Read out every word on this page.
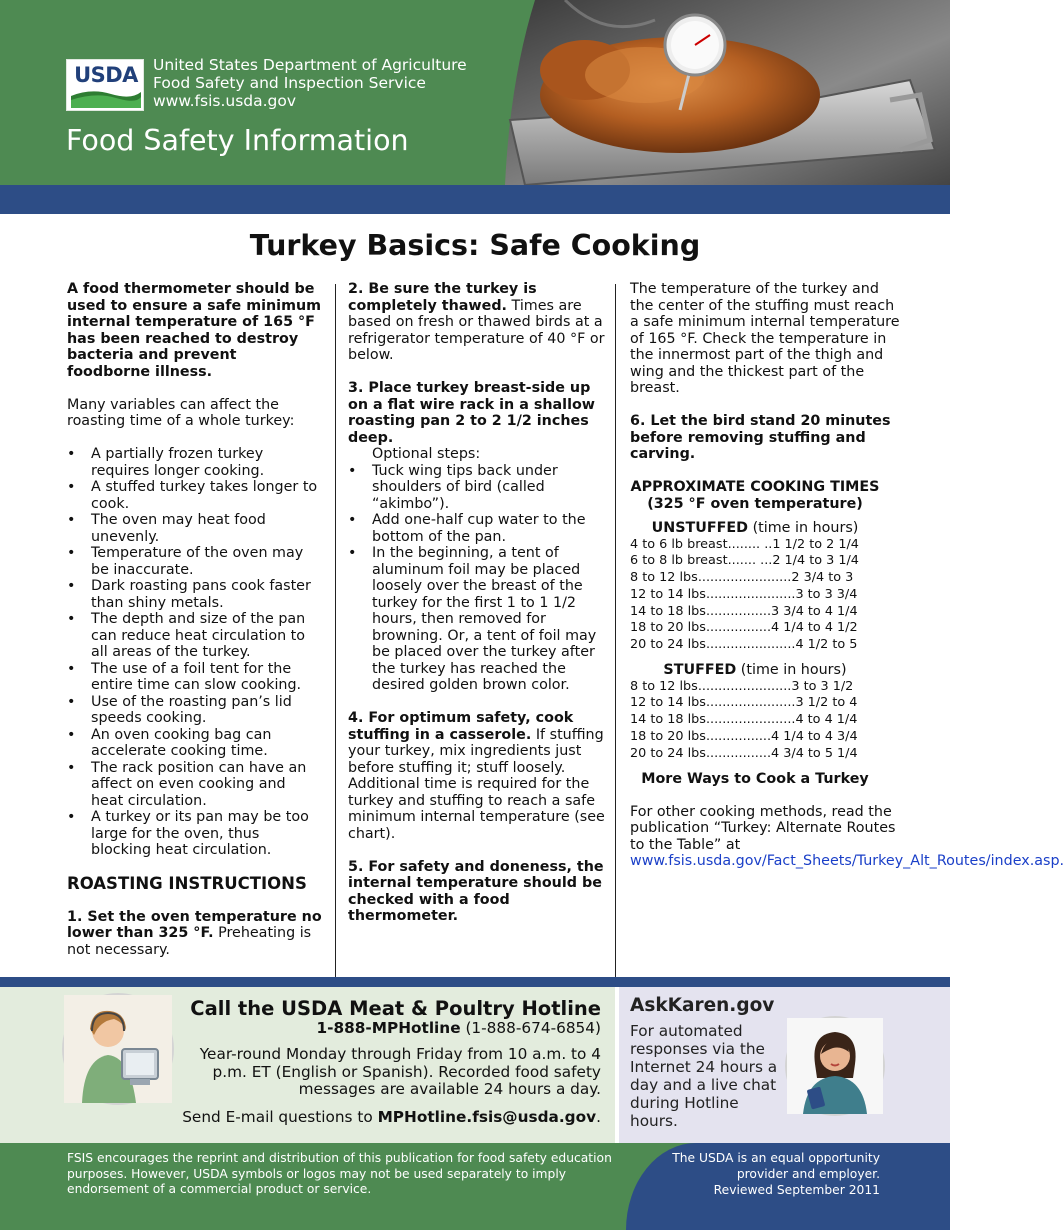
USDA United States Department of Agriculture
Food Safety and Inspection Service
www.fsis.usda.gov
Food Safety Information
Turkey Basics: Safe Cooking
A food thermometer should be used to ensure a safe minimum internal temperature of 165 °F has been reached to destroy bacteria and prevent foodborne illness.
Many variables can affect the roasting time of a whole turkey:
• A partially frozen turkey requires longer cooking.
• A stuffed turkey takes longer to cook.
• The oven may heat food unevenly.
• Temperature of the oven may be inaccurate.
• Dark roasting pans cook faster than shiny metals.
• The depth and size of the pan can reduce heat circulation to all areas of the turkey.
• The use of a foil tent for the entire time can slow cooking.
• Use of the roasting pan’s lid speeds cooking.
• An oven cooking bag can accelerate cooking time.
• The rack position can have an affect on even cooking and heat circulation.
• A turkey or its pan may be too large for the oven, thus blocking heat circulation.
ROASTING INSTRUCTIONS
1. Set the oven temperature no lower than 325 °F. Preheating is not necessary.
2. Be sure the turkey is completely thawed. Times are based on fresh or thawed birds at a refrigerator temperature of 40 °F or below.
3. Place turkey breast-side up on a flat wire rack in a shallow roasting pan 2 to 2 1/2 inches deep.
Optional steps:
• Tuck wing tips back under shoulders of bird (called “akimbo”).
• Add one-half cup water to the bottom of the pan.
• In the beginning, a tent of aluminum foil may be placed loosely over the breast of the turkey for the first 1 to 1 1/2 hours, then removed for browning. Or, a tent of foil may be placed over the turkey after the turkey has reached the desired golden brown color.
4. For optimum safety, cook stuffing in a casserole. If stuffing your turkey, mix ingredients just before stuffing it; stuff loosely. Additional time is required for the turkey and stuffing to reach a safe minimum internal temperature (see chart).
5. For safety and doneness, the internal temperature should be checked with a food thermometer.
The temperature of the turkey and the center of the stuffing must reach a safe minimum internal temperature of 165 °F. Check the temperature in the innermost part of the thigh and wing and the thickest part of the breast.
6. Let the bird stand 20 minutes before removing stuffing and carving.
APPROXIMATE COOKING TIMES
(325 °F oven temperature)
UNSTUFFED (time in hours)
4 to 6 lb breast........ ..1 1/2 to 2 1/4
6 to 8 lb breast....... ...2 1/4 to 3 1/4
8 to 12 lbs.......................2 3/4 to 3
12 to 14 lbs......................3 to 3 3/4
14 to 18 lbs................3 3/4 to 4 1/4
18 to 20 lbs................4 1/4 to 4 1/2
20 to 24 lbs......................4 1/2 to 5
STUFFED (time in hours)
8 to 12 lbs.......................3 to 3 1/2
12 to 14 lbs......................3 1/2 to 4
14 to 18 lbs......................4 to 4 1/4
18 to 20 lbs................4 1/4 to 4 3/4
20 to 24 lbs................4 3/4 to 5 1/4
More Ways to Cook a Turkey
For other cooking methods, read the publication “Turkey: Alternate Routes to the Table” at www.fsis.usda.gov/Fact_Sheets/Turkey_Alt_Routes/index.asp.
Call the USDA Meat & Poultry Hotline
1-888-MPHotline (1-888-674-6854)
Year-round Monday through Friday from 10 a.m. to 4 p.m. ET (English or Spanish). Recorded food safety messages are available 24 hours a day.
Send E-mail questions to MPHotline.fsis@usda.gov.
AskKaren.gov
For automated responses via the Internet 24 hours a day and a live chat during Hotline hours.
FSIS encourages the reprint and distribution of this publication for food safety education purposes. However, USDA symbols or logos may not be used separately to imply endorsement of a commercial product or service.
The USDA is an equal opportunity
provider and employer.
Reviewed September 2011
